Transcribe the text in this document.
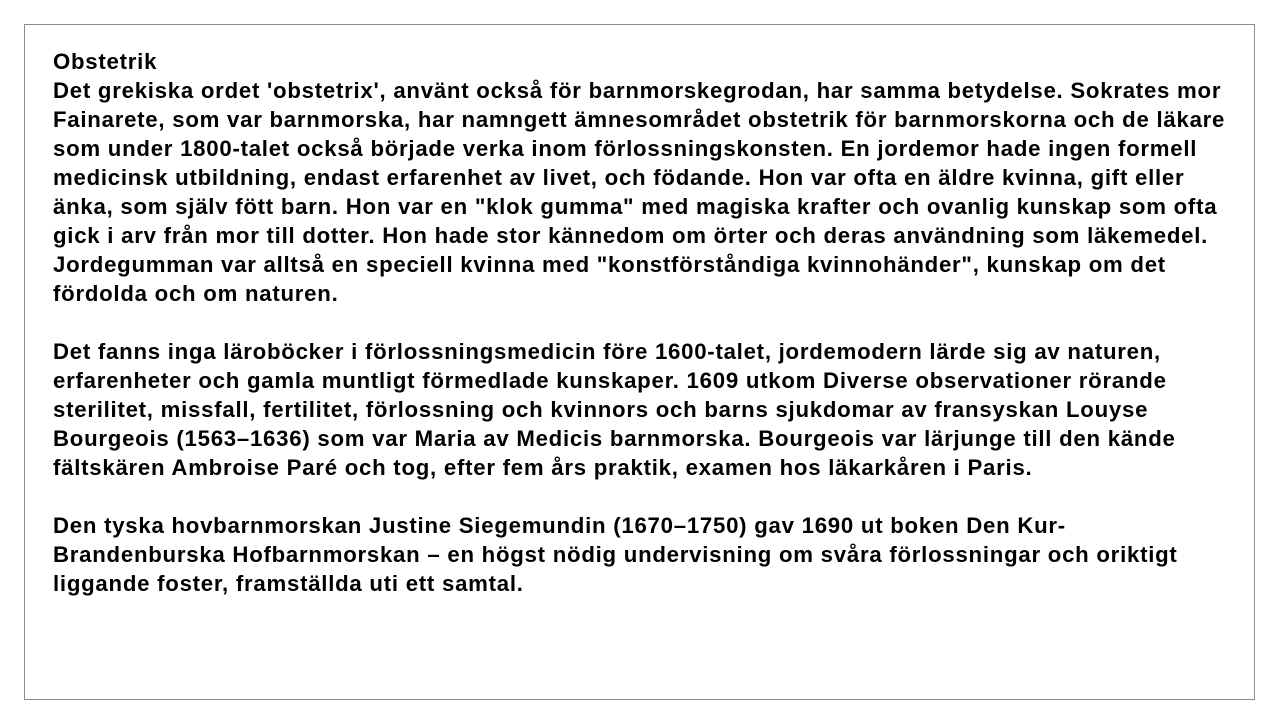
Obstetrik
Det grekiska ordet 'obstetrix', använt också för barnmorskegrodan, har samma betydelse. Sokrates mor Fainarete, som var barnmorska, har namngett ämnesområdet obstetrik för barnmorskorna och de läkare som under 1800-talet också började verka inom förlossningskonsten. En jordemor hade ingen formell medicinsk utbildning, endast erfarenhet av livet, och födande. Hon var ofta en äldre kvinna, gift eller änka, som själv fött barn. Hon var en "klok gumma" med magiska krafter och ovanlig kunskap som ofta gick i arv från mor till dotter. Hon hade stor kännedom om örter och deras användning som läkemedel. Jordegumman var alltså en speciell kvinna med "konstförståndiga kvinnohänder", kunskap om det fördolda och om naturen.

Det fanns inga läroböcker i förlossningsmedicin före 1600-talet, jordemodern lärde sig av naturen, erfarenheter och gamla muntligt förmedlade kunskaper. 1609 utkom Diverse observationer rörande sterilitet, missfall, fertilitet, förlossning och kvinnors och barns sjukdomar av fransyskan Louyse Bourgeois (1563–1636) som var Maria av Medicis barnmorska. Bourgeois var lärjunge till den kände fältskären Ambroise Paré och tog, efter fem års praktik, examen hos läkarkåren i Paris.

Den tyska hovbarnmorskan Justine Siegemundin (1670–1750) gav 1690 ut boken Den Kur-Brandenburska Hofbarnmorskan – en högst nödig undervisning om svåra förlossningar och oriktigt liggande foster, framställda uti ett samtal.
